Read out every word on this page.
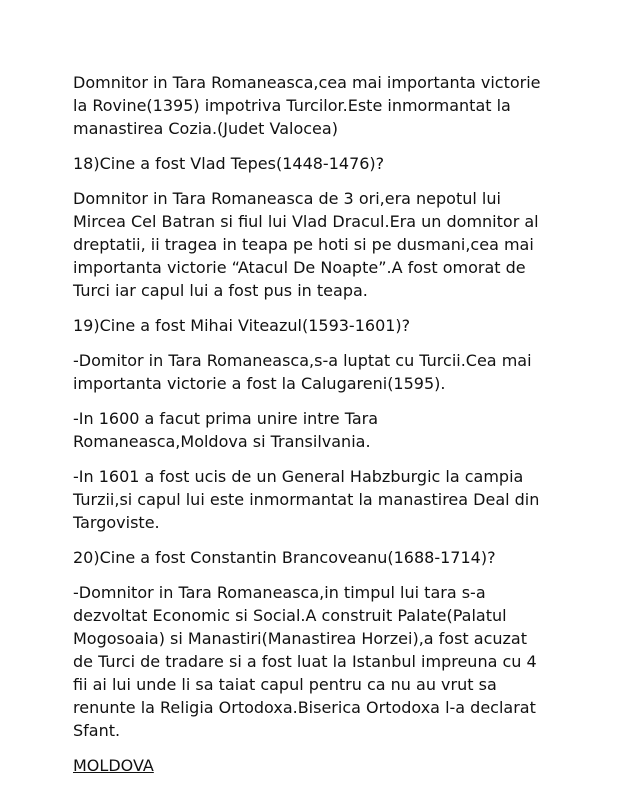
Domnitor in Tara Romaneasca,cea mai importanta victorie
la Rovine(1395) impotriva Turcilor.Este inmormantat la
manastirea Cozia.(Judet Valocea)

18)Cine a fost Vlad Tepes(1448-1476)?

Domnitor in Tara Romaneasca de 3 ori,era nepotul lui
Mircea Cel Batran si fiul lui Vlad Dracul.Era un domnitor al
dreptatii, ii tragea in teapa pe hoti si pe dusmani,cea mai
importanta victorie “Atacul De Noapte”.A fost omorat de
Turci iar capul lui a fost pus in teapa.

19)Cine a fost Mihai Viteazul(1593-1601)?

-Domitor in Tara Romaneasca,s-a luptat cu Turcii.Cea mai
importanta victorie a fost la Calugareni(1595).

-In 1600 a facut prima unire intre Tara
Romaneasca,Moldova si Transilvania.

-In 1601 a fost ucis de un General Habzburgic la campia
Turzii,si capul lui este inmormantat la manastirea Deal din
Targoviste.

20)Cine a fost Constantin Brancoveanu(1688-1714)?

-Domnitor in Tara Romaneasca,in timpul lui tara s-a
dezvoltat Economic si Social.A construit Palate(Palatul
Mogosoaia) si Manastiri(Manastirea Horzei),a fost acuzat
de Turci de tradare si a fost luat la Istanbul impreuna cu 4
fii ai lui unde li sa taiat capul pentru ca nu au vrut sa
renunte la Religia Ortodoxa.Biserica Ortodoxa l-a declarat
Sfant.

MOLDOVA
